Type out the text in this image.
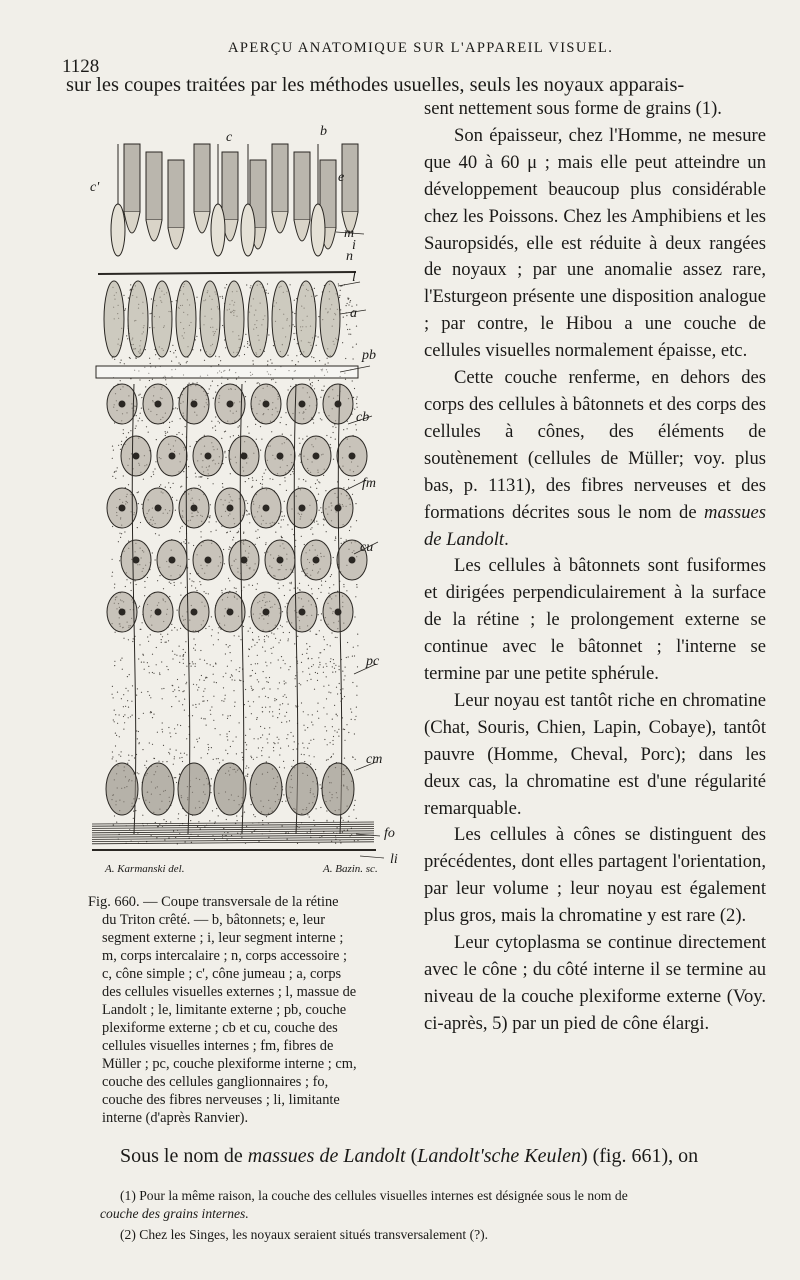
1128
APERÇU ANATOMIQUE SUR L'APPAREIL VISUEL.
sur les coupes traitées par les méthodes usuelles, seuls les noyaux apparais-
c	b
c'
e
m
i
n
l
a
pb
cb
fm
cu
pc
cm
fo
li
A. Karmanski del.	A. Bazin. sc.
Fig. 660. — Coupe transversale de la rétine
du Triton crêté. — b, bâtonnets; e, leur
segment externe ; i, leur segment interne ;
m, corps intercalaire ; n, corps accessoire ;
c, cône simple ; c', cône jumeau ; a, corps
des cellules visuelles externes ; l, massue de
Landolt ; le, limitante externe ; pb, couche
plexiforme externe ; cb et cu, couche des
cellules visuelles internes ; fm, fibres de
Müller ; pc, couche plexiforme interne ; cm,
couche des cellules ganglionnaires ; fo,
couche des fibres nerveuses ; li, limitante
interne (d'après Ranvier).

sent nettement sous forme de grains (1).

Son épaisseur, chez l'Homme, ne mesure que 40 à 60 μ ; mais elle peut atteindre un développement beaucoup plus considérable chez les Poissons. Chez les Amphibiens et les Sauropsidés, elle est réduite à deux rangées de noyaux ; par une anomalie assez rare, l'Esturgeon présente une disposition analogue ; par contre, le Hibou a une couche de cellules visuelles normalement épaisse, etc.

Cette couche renferme, en dehors des corps des cellules à bâtonnets et des corps des cellules à cônes, des éléments de soutènement (cellules de Müller; voy. plus bas, p. 1131), des fibres nerveuses et des formations décrites sous le nom de massues de Landolt.

Les cellules à bâtonnets sont fusiformes et dirigées perpendiculairement à la surface de la rétine ; le prolongement externe se continue avec le bâtonnet ; l'interne se termine par une petite sphérule.

Leur noyau est tantôt riche en chromatine (Chat, Souris, Chien, Lapin, Cobaye), tantôt pauvre (Homme, Cheval, Porc); dans les deux cas, la chromatine est d'une régularité remarquable.

Les cellules à cônes se distinguent des précédentes, dont elles partagent l'orientation, par leur volume ; leur noyau est également plus gros, mais la chromatine y est rare (2).

Leur cytoplasma se continue directement avec le cône ; du côté interne il se termine au niveau de la couche plexiforme externe (Voy. ci-après, 5) par un pied de cône élargi.

Sous le nom de massues de Landolt (Landolt'sche Keulen) (fig. 661), on

(1) Pour la même raison, la couche des cellules visuelles internes est désignée sous le nom de
couche des grains internes.

(2) Chez les Singes, les noyaux seraient situés transversalement (?).
